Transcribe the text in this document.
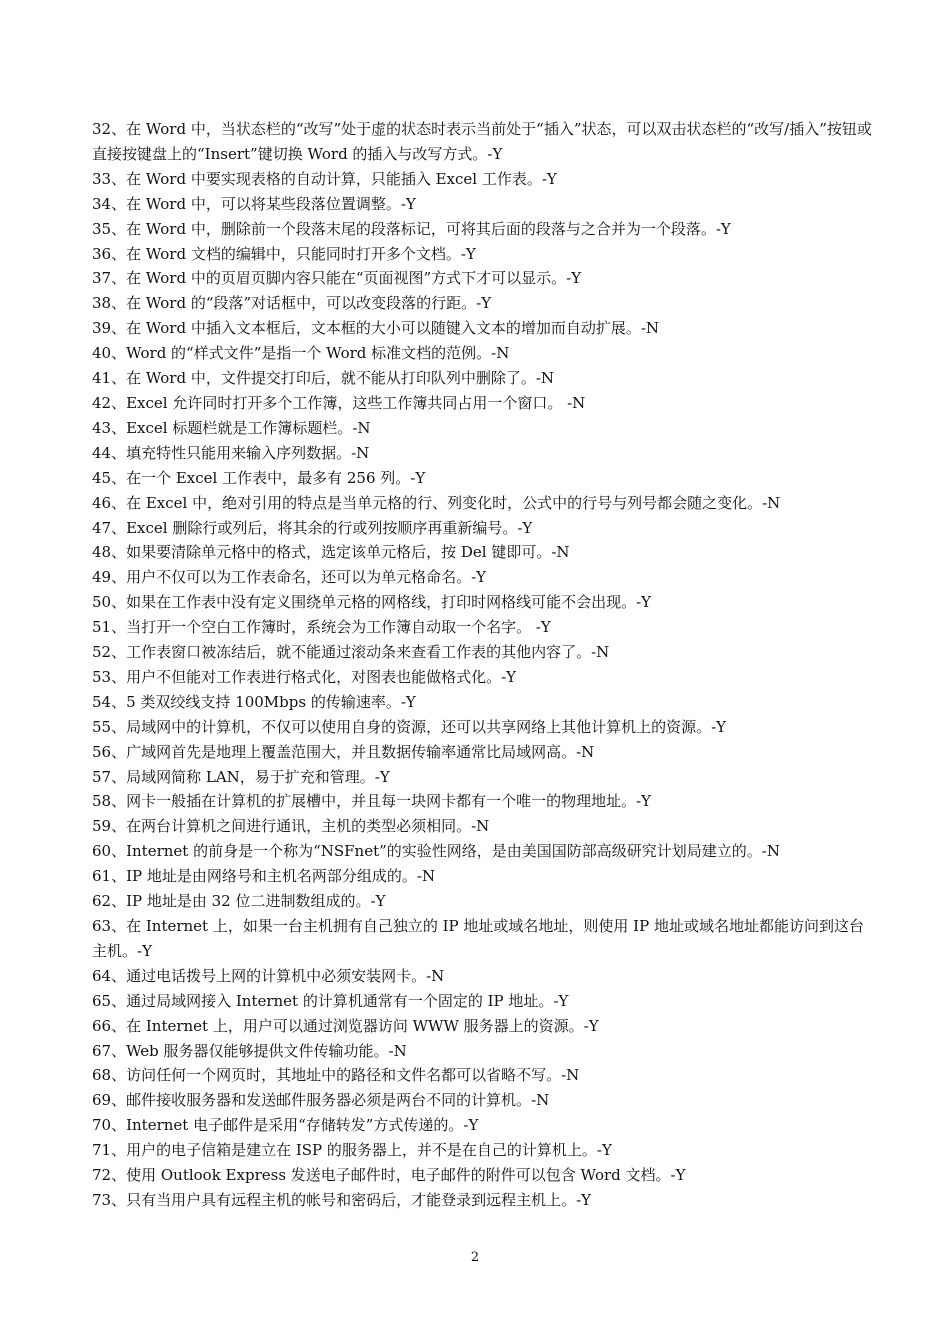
32、在 Word 中，当状态栏的“改写”处于虚的状态时表示当前处于“插入”状态，可以双击状态栏的“改写/插入”按钮或直接按键盘上的“Insert”键切换 Word 的插入与改写方式。-Y

33、在 Word 中要实现表格的自动计算，只能插入 Excel 工作表。-Y

34、在 Word 中，可以将某些段落位置调整。-Y

35、在 Word 中，删除前一个段落末尾的段落标记，可将其后面的段落与之合并为一个段落。-Y

36、在 Word 文档的编辑中，只能同时打开多个文档。-Y

37、在 Word 中的页眉页脚内容只能在“页面视图”方式下才可以显示。-Y

38、在 Word 的“段落”对话框中，可以改变段落的行距。-Y

39、在 Word 中插入文本框后，文本框的大小可以随键入文本的增加而自动扩展。-N

40、Word 的“样式文件”是指一个 Word 标准文档的范例。-N

41、在 Word 中，文件提交打印后，就不能从打印队列中删除了。-N

42、Excel 允许同时打开多个工作簿，这些工作簿共同占用一个窗口。 -N

43、Excel 标题栏就是工作簿标题栏。-N

44、填充特性只能用来输入序列数据。-N

45、在一个 Excel 工作表中，最多有 256 列。-Y

46、在 Excel 中，绝对引用的特点是当单元格的行、列变化时，公式中的行号与列号都会随之变化。-N

47、Excel 删除行或列后，将其余的行或列按顺序再重新编号。-Y

48、如果要清除单元格中的格式，选定该单元格后，按 Del 键即可。-N

49、用户不仅可以为工作表命名，还可以为单元格命名。-Y

50、如果在工作表中没有定义围绕单元格的网格线，打印时网格线可能不会出现。-Y

51、当打开一个空白工作簿时，系统会为工作簿自动取一个名字。 -Y

52、工作表窗口被冻结后，就不能通过滚动条来查看工作表的其他内容了。-N

53、用户不但能对工作表进行格式化，对图表也能做格式化。-Y

54、5 类双绞线支持 100Mbps 的传输速率。-Y

55、局域网中的计算机，不仅可以使用自身的资源，还可以共享网络上其他计算机上的资源。-Y

56、广域网首先是地理上覆盖范围大，并且数据传输率通常比局域网高。-N

57、局域网简称 LAN，易于扩充和管理。-Y

58、网卡一般插在计算机的扩展槽中，并且每一块网卡都有一个唯一的物理地址。-Y

59、在两台计算机之间进行通讯，主机的类型必须相同。-N

60、Internet 的前身是一个称为“NSFnet”的实验性网络，是由美国国防部高级研究计划局建立的。-N

61、IP 地址是由网络号和主机名两部分组成的。-N

62、IP 地址是由 32 位二进制数组成的。-Y

63、在 Internet 上，如果一台主机拥有自己独立的 IP 地址或域名地址，则使用 IP 地址或域名地址都能访问到这台主机。-Y

64、通过电话拨号上网的计算机中必须安装网卡。-N

65、通过局域网接入 Internet 的计算机通常有一个固定的 IP 地址。-Y

66、在 Internet 上，用户可以通过浏览器访问 WWW 服务器上的资源。-Y

67、Web 服务器仅能够提供文件传输功能。-N

68、访问任何一个网页时，其地址中的路径和文件名都可以省略不写。-N

69、邮件接收服务器和发送邮件服务器必须是两台不同的计算机。-N

70、Internet 电子邮件是采用“存储转发”方式传递的。-Y

71、用户的电子信箱是建立在 ISP 的服务器上，并不是在自己的计算机上。-Y

72、使用 Outlook Express 发送电子邮件时，电子邮件的附件可以包含 Word 文档。-Y

73、只有当用户具有远程主机的帐号和密码后，才能登录到远程主机上。-Y

2
